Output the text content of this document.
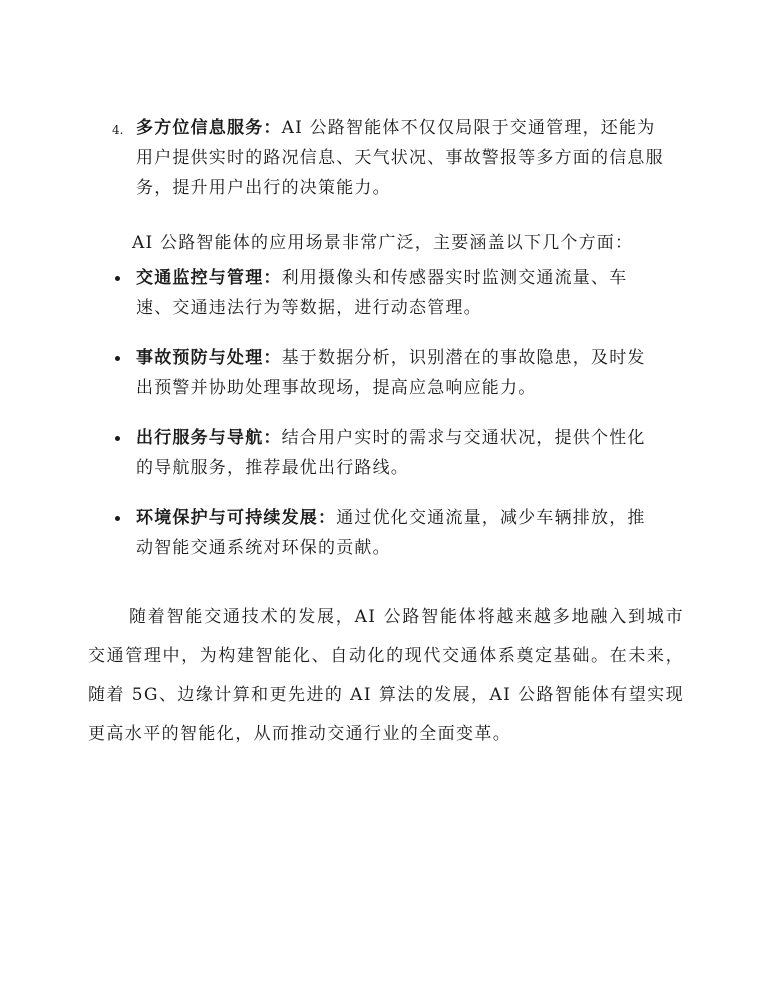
4. 多方位信息服务：AI 公路智能体不仅仅局限于交通管理，还能为用户提供实时的路况信息、天气状况、事故警报等多方面的信息服务，提升用户出行的决策能力。
AI 公路智能体的应用场景非常广泛，主要涵盖以下几个方面：
交通监控与管理：利用摄像头和传感器实时监测交通流量、车速、交通违法行为等数据，进行动态管理。
事故预防与处理：基于数据分析，识别潜在的事故隐患，及时发出预警并协助处理事故现场，提高应急响应能力。
出行服务与导航：结合用户实时的需求与交通状况，提供个性化的导航服务，推荐最优出行路线。
环境保护与可持续发展：通过优化交通流量，减少车辆排放，推动智能交通系统对环保的贡献。

随着智能交通技术的发展，AI 公路智能体将越来越多地融入到城市交通管理中，为构建智能化、自动化的现代交通体系奠定基础。在未来，随着 5G、边缘计算和更先进的 AI 算法的发展，AI 公路智能体有望实现更高水平的智能化，从而推动交通行业的全面变革。
